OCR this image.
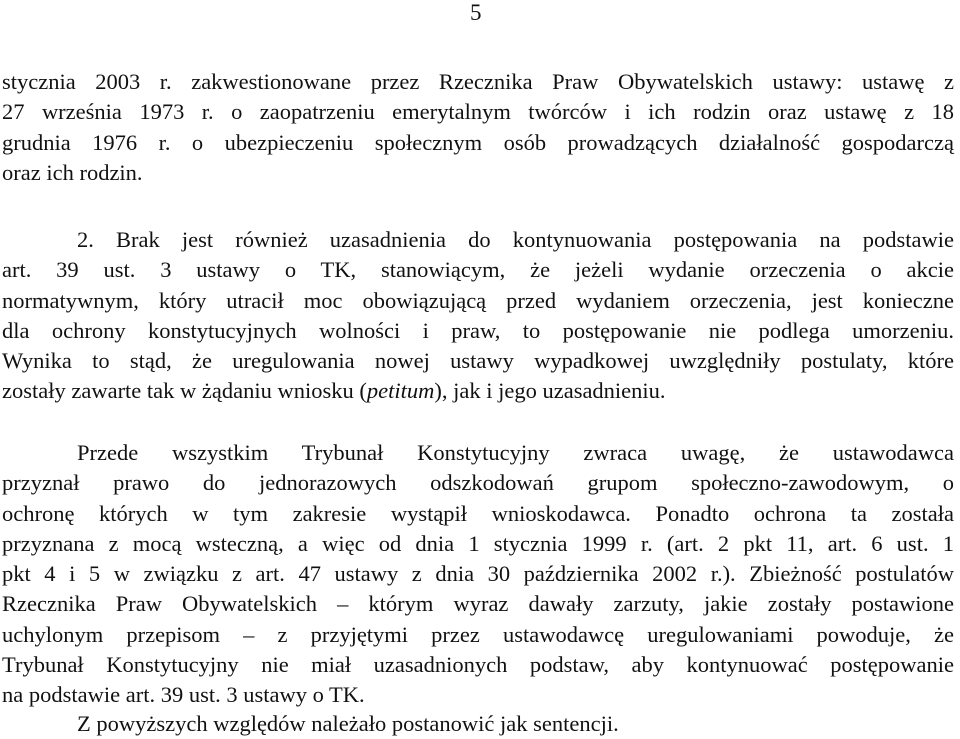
5
stycznia 2003 r. zakwestionowane przez Rzecznika Praw Obywatelskich ustawy: ustawę z
27 września 1973 r. o zaopatrzeniu emerytalnym twórców i ich rodzin oraz ustawę z 18
grudnia 1976 r. o ubezpieczeniu społecznym osób prowadzących działalność gospodarczą
oraz ich rodzin.
2. Brak jest również uzasadnienia do kontynuowania postępowania na podstawie
art. 39 ust. 3 ustawy o TK, stanowiącym, że jeżeli wydanie orzeczenia o akcie
normatywnym, który utracił moc obowiązującą przed wydaniem orzeczenia, jest konieczne
dla ochrony konstytucyjnych wolności i praw, to postępowanie nie podlega umorzeniu.
Wynika to stąd, że uregulowania nowej ustawy wypadkowej uwzględniły postulaty, które
zostały zawarte tak w żądaniu wniosku (petitum), jak i jego uzasadnieniu.
Przede wszystkim Trybunał Konstytucyjny zwraca uwagę, że ustawodawca
przyznał prawo do jednorazowych odszkodowań grupom społeczno-zawodowym, o
ochronę których w tym zakresie wystąpił wnioskodawca. Ponadto ochrona ta została
przyznana z mocą wsteczną, a więc od dnia 1 stycznia 1999 r. (art. 2 pkt 11, art. 6 ust. 1
pkt 4 i 5 w związku z art. 47 ustawy z dnia 30 października 2002 r.). Zbieżność postulatów
Rzecznika Praw Obywatelskich – którym wyraz dawały zarzuty, jakie zostały postawione
uchylonym przepisom – z przyjętymi przez ustawodawcę uregulowaniami powoduje, że
Trybunał Konstytucyjny nie miał uzasadnionych podstaw, aby kontynuować postępowanie
na podstawie art. 39 ust. 3 ustawy o TK.
Z powyższych względów należało postanowić jak sentencji.
